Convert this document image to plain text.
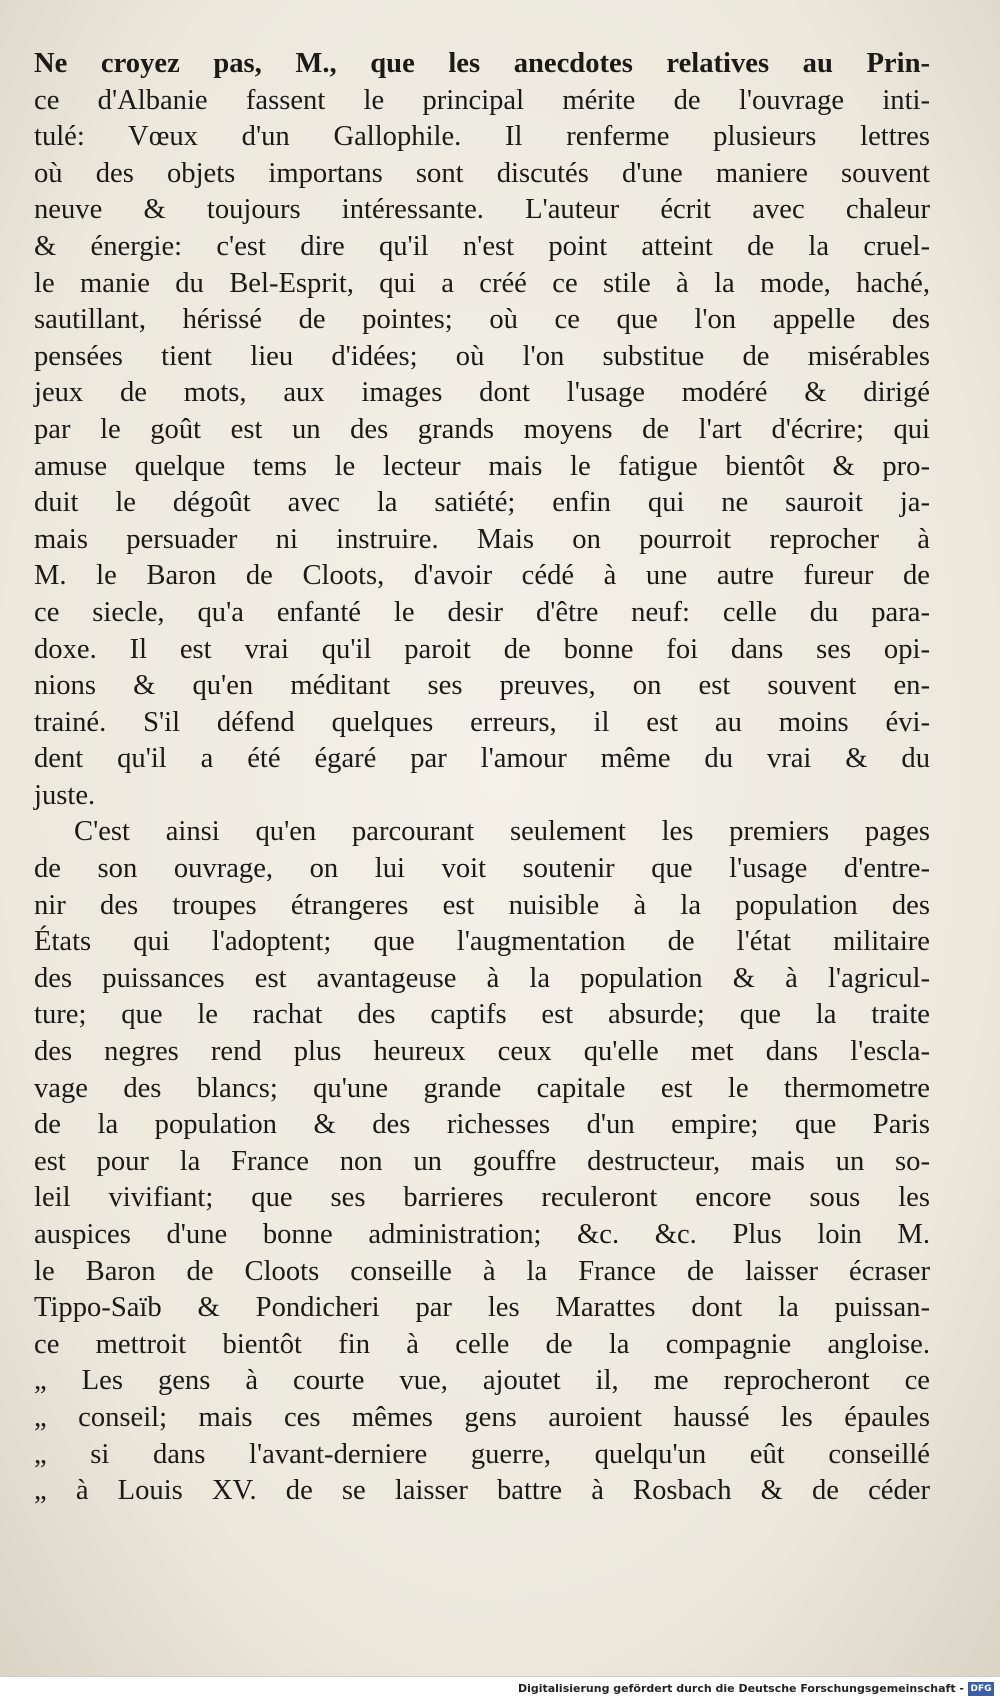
Ne croyez pas, M., que les anecdotes relatives au Prin-
ce d'Albanie fassent le principal mérite de l'ouvrage inti-
tulé: Vœux d'un Gallophile. Il renferme plusieurs lettres
où des objets importans sont discutés d'une maniere souvent
neuve & toujours intéressante. L'auteur écrit avec chaleur
& énergie: c'est dire qu'il n'est point atteint de la cruel-
le manie du Bel-Esprit, qui a créé ce stile à la mode, haché,
sautillant, hérissé de pointes; où ce que l'on appelle des
pensées tient lieu d'idées; où l'on substitue de misérables
jeux de mots, aux images dont l'usage modéré & dirigé
par le goût est un des grands moyens de l'art d'écrire; qui
amuse quelque tems le lecteur mais le fatigue bientôt & pro-
duit le dégoût avec la satiété; enfin qui ne sauroit ja-
mais persuader ni instruire. Mais on pourroit reprocher à
M. le Baron de Cloots, d'avoir cédé à une autre fureur de
ce siecle, qu'a enfanté le desir d'être neuf: celle du para-
doxe. Il est vrai qu'il paroit de bonne foi dans ses opi-
nions & qu'en méditant ses preuves, on est souvent en-
trainé. S'il défend quelques erreurs, il est au moins évi-
dent qu'il a été égaré par l'amour même du vrai & du
juste.
C'est ainsi qu'en parcourant seulement les premiers pages
de son ouvrage, on lui voit soutenir que l'usage d'entre-
nir des troupes étrangeres est nuisible à la population des
États qui l'adoptent; que l'augmentation de l'état militaire
des puissances est avantageuse à la population & à l'agricul-
ture; que le rachat des captifs est absurde; que la traite
des negres rend plus heureux ceux qu'elle met dans l'escla-
vage des blancs; qu'une grande capitale est le thermometre
de la population & des richesses d'un empire; que Paris
est pour la France non un gouffre destructeur, mais un so-
leil vivifiant; que ses barrieres reculeront encore sous les
auspices d'une bonne administration; &c. &c. Plus loin M.
le Baron de Cloots conseille à la France de laisser écraser
Tippo-Saïb & Pondicheri par les Marattes dont la puissan-
ce mettroit bientôt fin à celle de la compagnie angloise.
„ Les gens à courte vue, ajoutet il, me reprocheront ce
„ conseil; mais ces mêmes gens auroient haussé les épaules
„ si dans l'avant-derniere guerre, quelqu'un eût conseillé
„ à Louis XV. de se laisser battre à Rosbach & de céder
Digitalisierung gefördert durch die Deutsche Forschungsgemeinschaft - DFG
